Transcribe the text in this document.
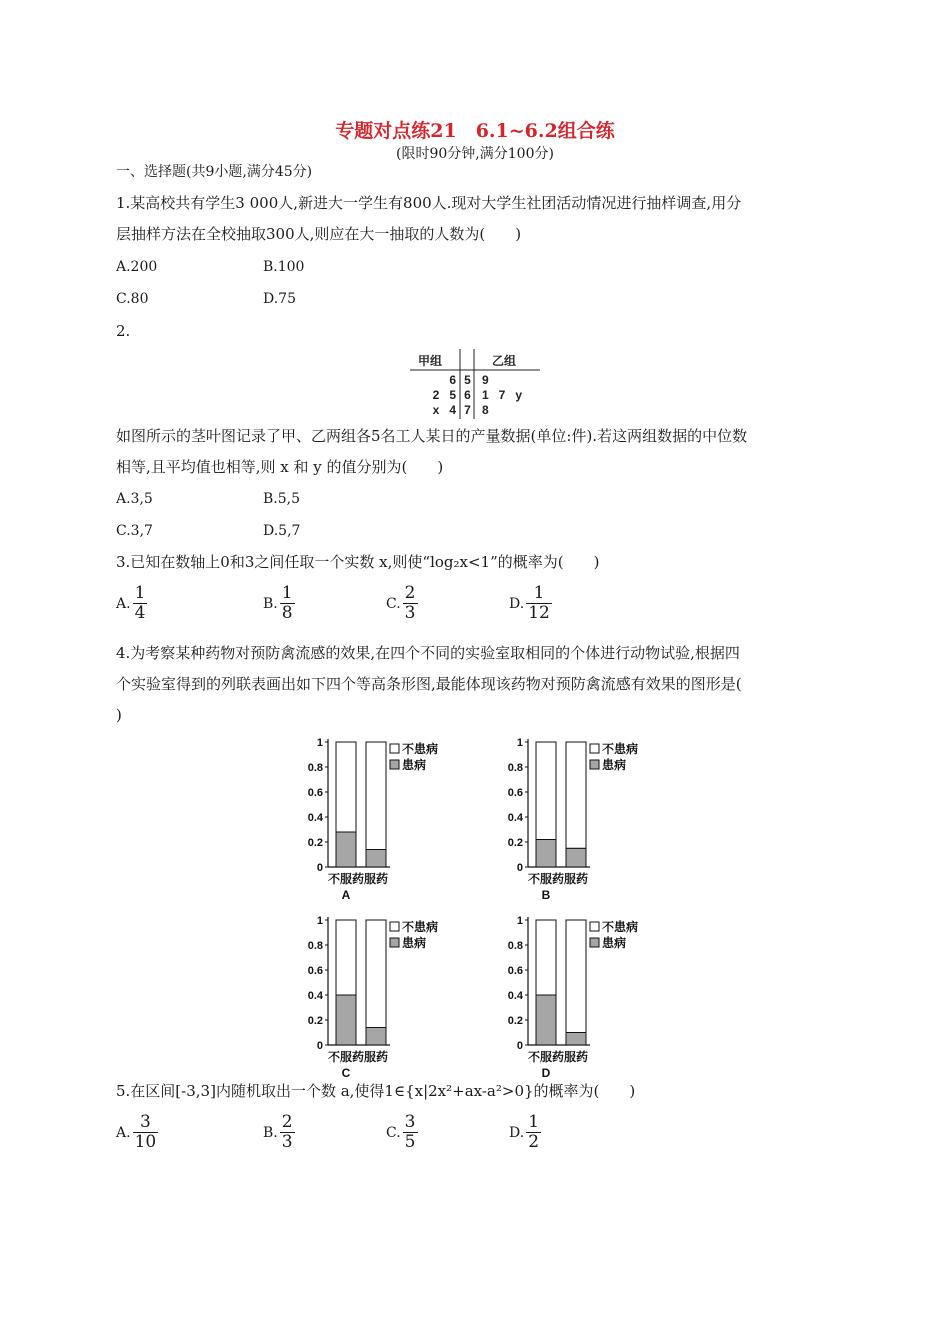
专题对点练21　6.1~6.2组合练
(限时90分钟,满分100分)
一、选择题(共9小题,满分45分)
1.某高校共有学生3 000人,新进大一学生有800人.现对大学生社团活动情况进行抽样调查,用分
层抽样方法在全校抽取300人,则应在大一抽取的人数为(　　)
A.200	B.100
C.80	D.75
2.
甲组	乙组
6 5 9
2   5 6 1   7   y
x   4 7 8
如图所示的茎叶图记录了甲、乙两组各5名工人某日的产量数据(单位:件).若这两组数据的中位数
相等,且平均值也相等,则 x 和 y 的值分别为(　　)
A.3,5	B.5,5
C.3,7	D.5,7
3.已知在数轴上0和3之间任取一个实数 x,则使“log₂x<1”的概率为(　　)
A. $\frac{1}{4}$	B. $\frac{1}{8}$	C. $\frac{2}{3}$	D. $\frac{1}{12}$
4.为考察某种药物对预防禽流感的效果,在四个不同的实验室取相同的个体进行动物试验,根据四
个实验室得到的列联表画出如下四个等高条形图,最能体现该药物对预防禽流感有效果的图形是(
)
0
0.2
0.4
0.6
0.8
1
不服药 服药
不患病
患病
A
0
0.2
0.4
0.6
0.8
1
不服药 服药
不患病
患病
B
0
0.2
0.4
0.6
0.8
1
不服药 服药
不患病
患病
C
0
0.2
0.4
0.6
0.8
1
不服药 服药
不患病
患病
D
5.在区间[-3,3]内随机取出一个数 a,使得1∈{x|2x²+ax-a²>0}的概率为(　　)
A. $\frac{3}{10}$	B. $\frac{2}{3}$	C. $\frac{3}{5}$	D. $\frac{1}{2}$
